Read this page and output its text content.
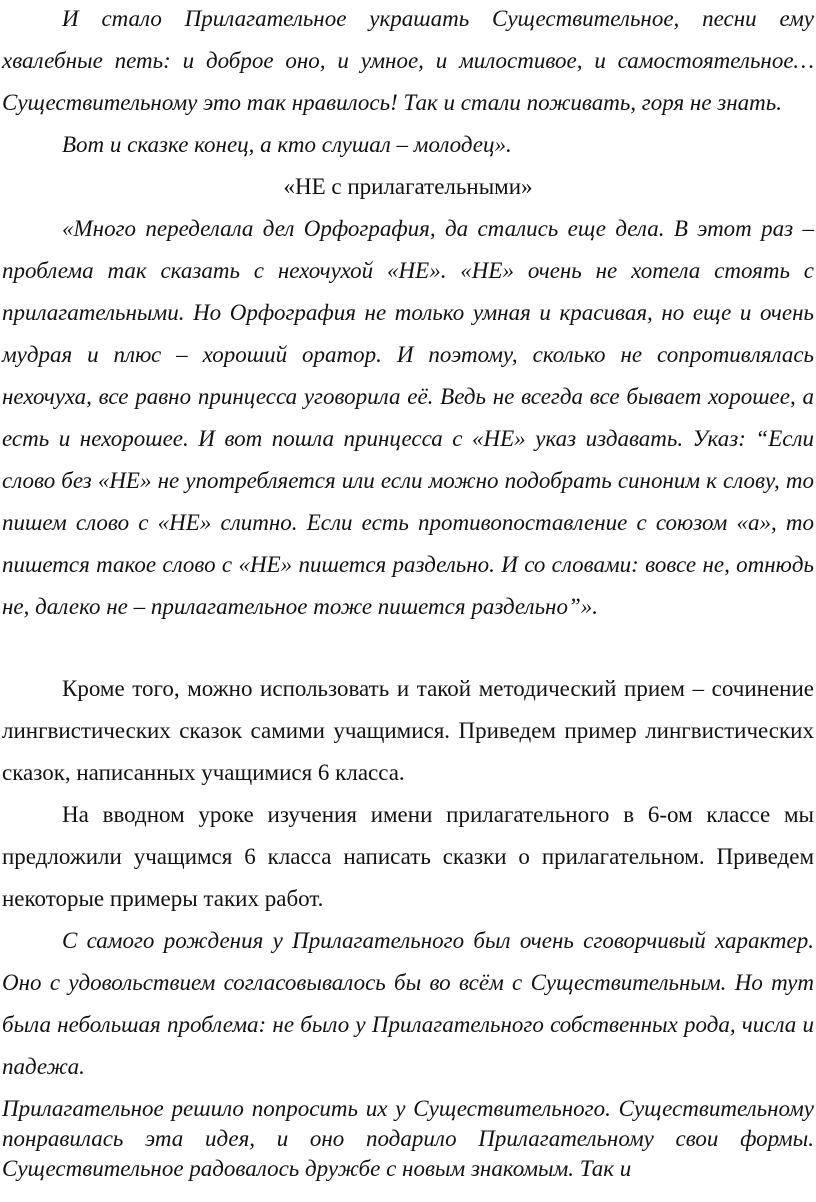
И стало Прилагательное украшать Существительное, песни ему хвалебные петь: и доброе оно, и умное, и милостивое, и самостоятельное… Существительному это так нравилось! Так и стали поживать, горя не знать.

Вот и сказке конец, а кто слушал – молодец».

«НЕ с прилагательными»

«Много переделала дел Орфография, да стались еще дела. В этот раз – проблема так сказать с нехочухой «НЕ». «НЕ» очень не хотела стоять с прилагательными. Но Орфография не только умная и красивая, но еще и очень мудрая и плюс – хороший оратор. И поэтому, сколько не сопротивлялась нехочуха, все равно принцесса уговорила её. Ведь не всегда все бывает хорошее, а есть и нехорошее. И вот пошла принцесса с «НЕ» указ издавать. Указ: “Если слово без «НЕ» не употребляется или если можно подобрать синоним к слову, то пишем слово с «НЕ» слитно. Если есть противопоставление с союзом «а», то пишется такое слово с «НЕ» пишется раздельно. И со словами: вовсе не, отнюдь не, далеко не – прилагательное тоже пишется раздельно”».

Кроме того, можно использовать и такой методический прием – сочинение лингвистических сказок самими учащимися. Приведем пример лингвистических сказок, написанных учащимися 6 класса.

На вводном уроке изучения имени прилагательного в 6-ом классе мы предложили учащимся 6 класса написать сказки о прилагательном. Приведем некоторые примеры таких работ.

С самого рождения у Прилагательного был очень сговорчивый характер. Оно с удовольствием согласовывалось бы во всём с Существительным. Но тут была небольшая проблема: не было у Прилагательного собственных рода, числа и падежа.

Прилагательное решило попросить их у Существительного. Существительному понравилась эта идея, и оно подарило Прилагательному свои формы. Существительное радовалось дружбе с новым знакомым. Так и
